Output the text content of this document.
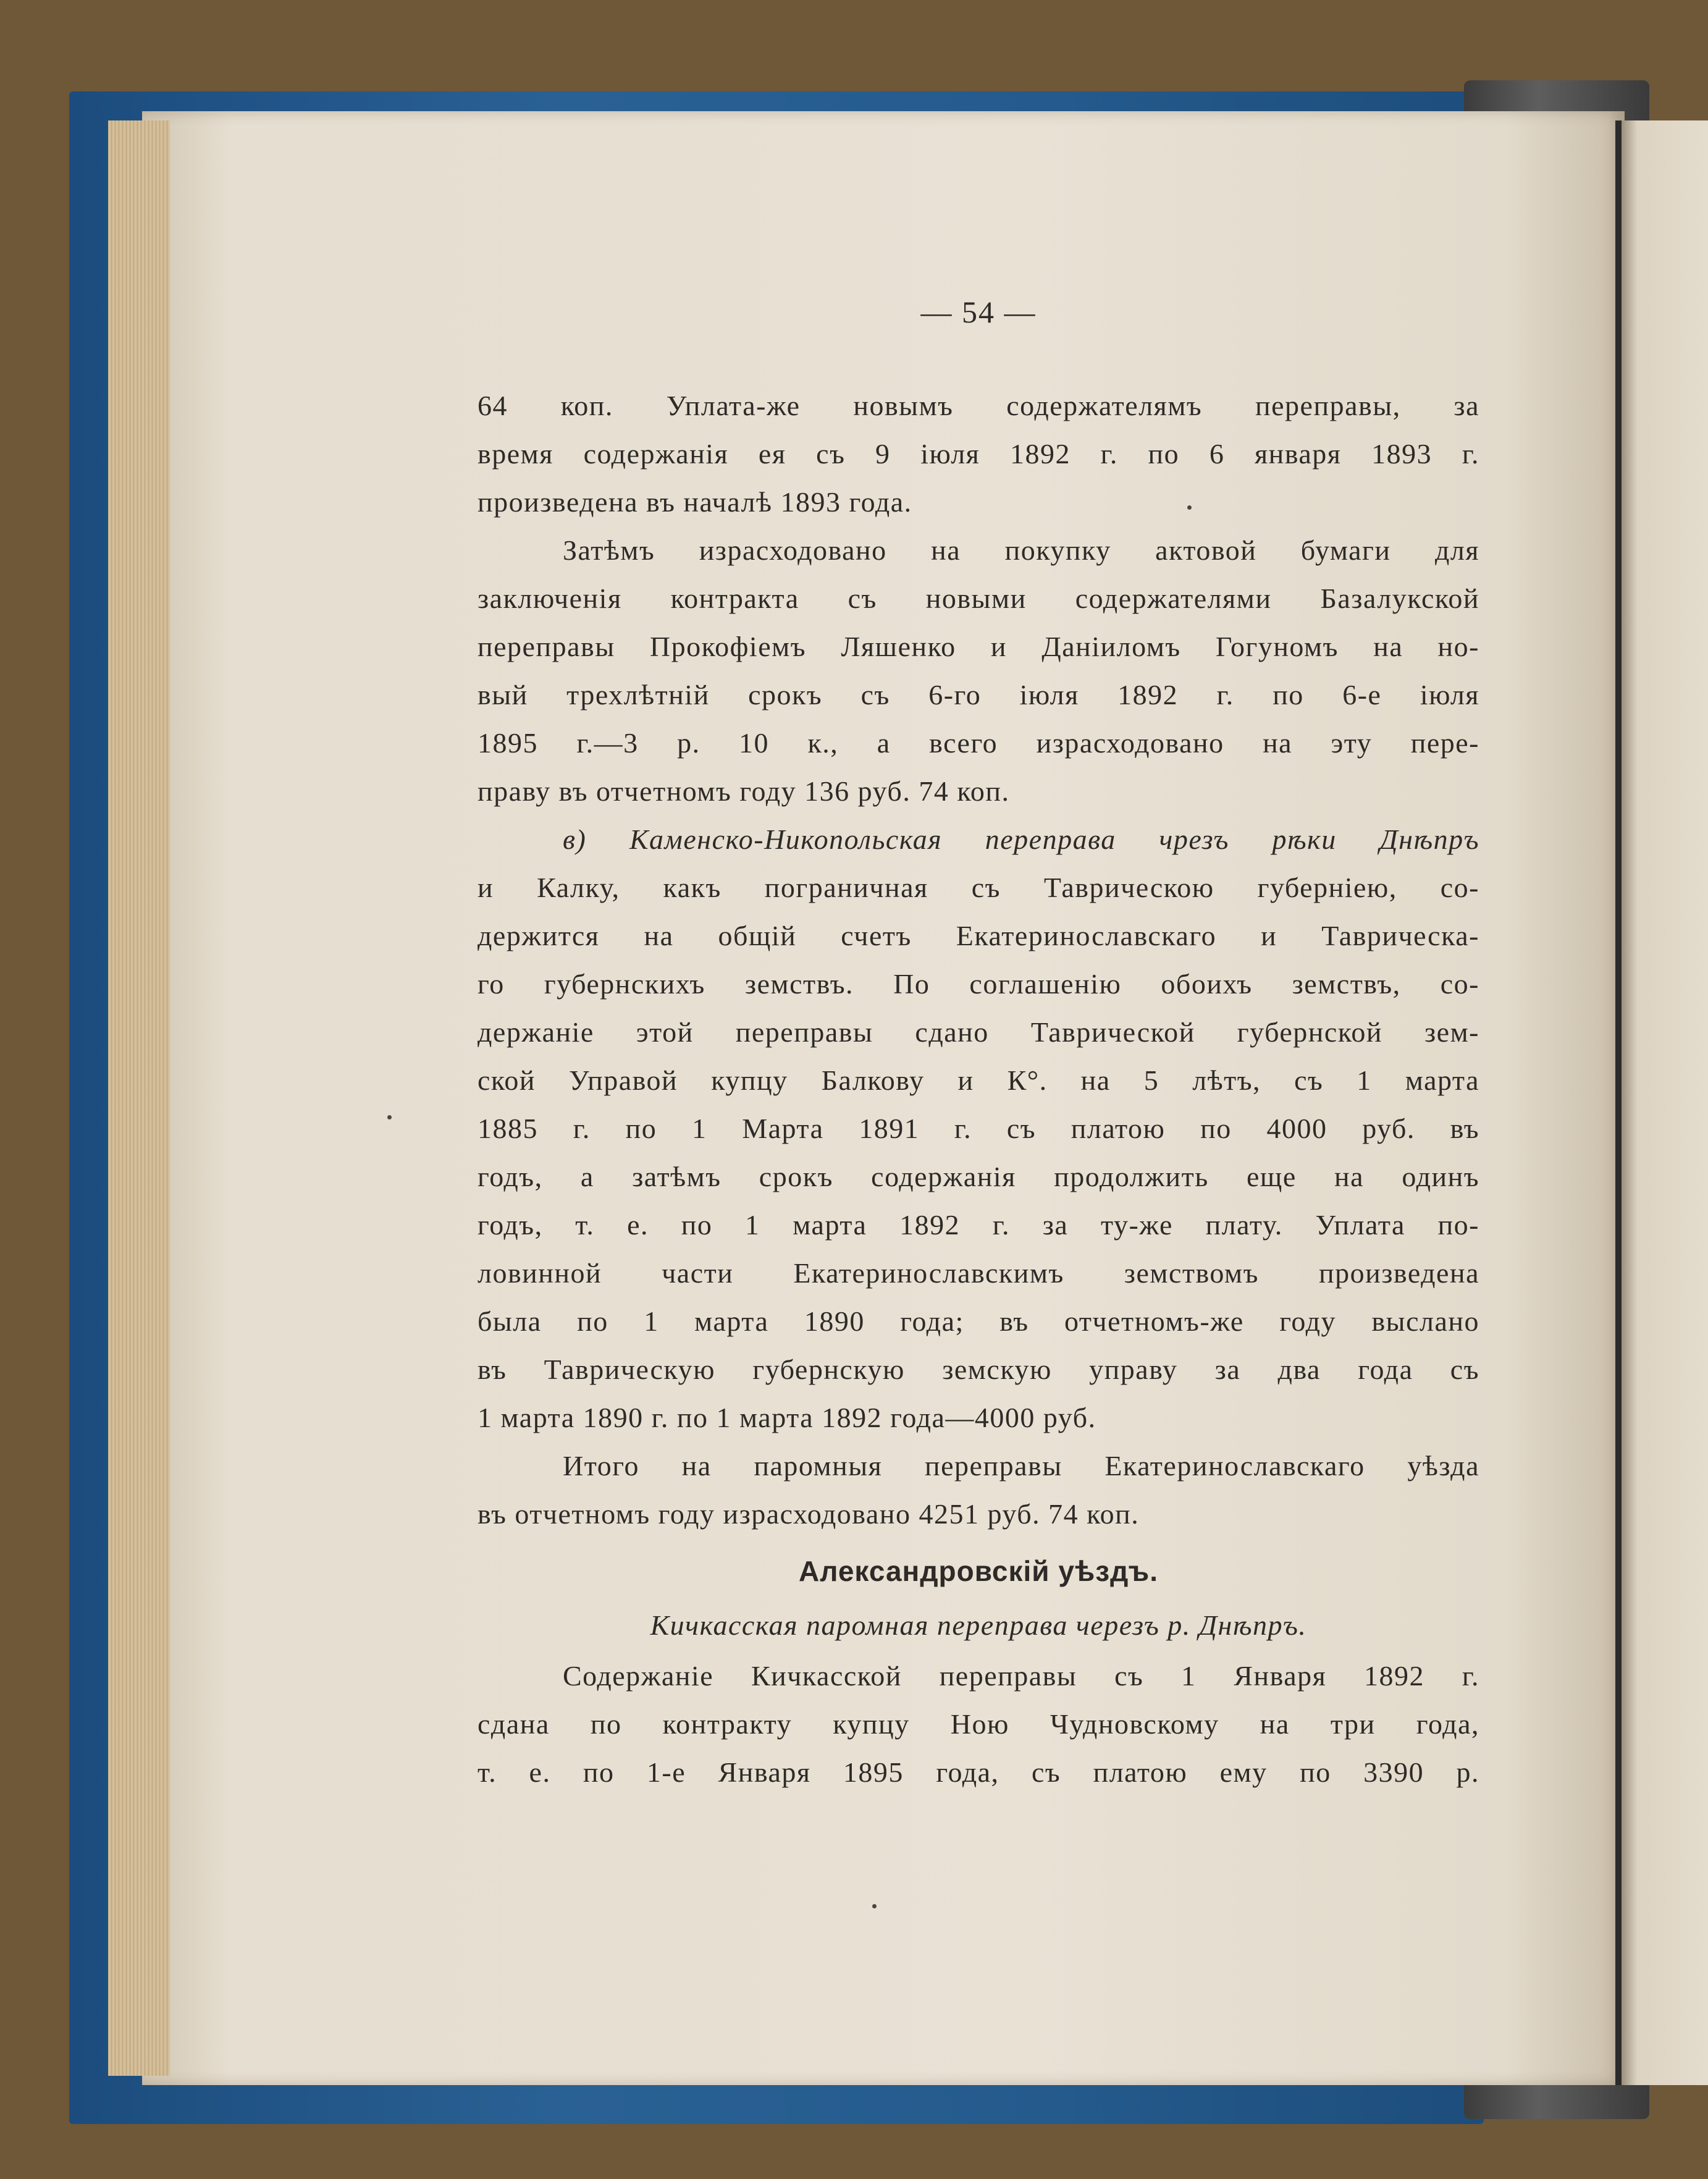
— 54 —
64 коп. Уплата-же новымъ содержателямъ переправы, за
время содержанія ея съ 9 іюля 1892 г. по 6 января 1893 г.
произведена въ началѣ 1893 года.
Затѣмъ израсходовано на покупку актовой бумаги для
заключенія контракта съ новыми содержателями Базалукской
переправы Прокофіемъ Ляшенко и Даніиломъ Гогуномъ на но-
вый трехлѣтній срокъ съ 6-го іюля 1892 г. по 6-е іюля
1895 г.—3 р. 10 к., а всего израсходовано на эту пере-
праву въ отчетномъ году 136 руб. 74 коп.
в) Каменско-Никопольская переправа чрезъ рѣки Днѣпръ
и Калку, какъ пограничная съ Таврическою губерніею, со-
держится на общій счетъ Екатеринославскаго и Таврическа-
го губернскихъ земствъ. По соглашенію обоихъ земствъ, со-
держаніе этой переправы сдано Таврической губернской зем-
ской Управой купцу Балкову и К°. на 5 лѣтъ, съ 1 марта
1885 г. по 1 Марта 1891 г. съ платою по 4000 руб. въ
годъ, а затѣмъ срокъ содержанія продолжить еще на одинъ
годъ, т. е. по 1 марта 1892 г. за ту-же плату. Уплата по-
ловинной части Екатеринославскимъ земствомъ произведена
была по 1 марта 1890 года; въ отчетномъ-же году выслано
въ Таврическую губернскую земскую управу за два года съ
1 марта 1890 г. по 1 марта 1892 года—4000 руб.
Итого на паромныя переправы Екатеринославскаго уѣзда
въ отчетномъ году израсходовано 4251 руб. 74 коп.
Александровскій уѣздъ.
Кичкасская паромная переправа черезъ р. Днѣпръ.
Содержаніе Кичкасской переправы съ 1 Января 1892 г.
сдана по контракту купцу Ною Чудновскому на три года,
т. е. по 1-е Января 1895 года, съ платою ему по 3390 р.
